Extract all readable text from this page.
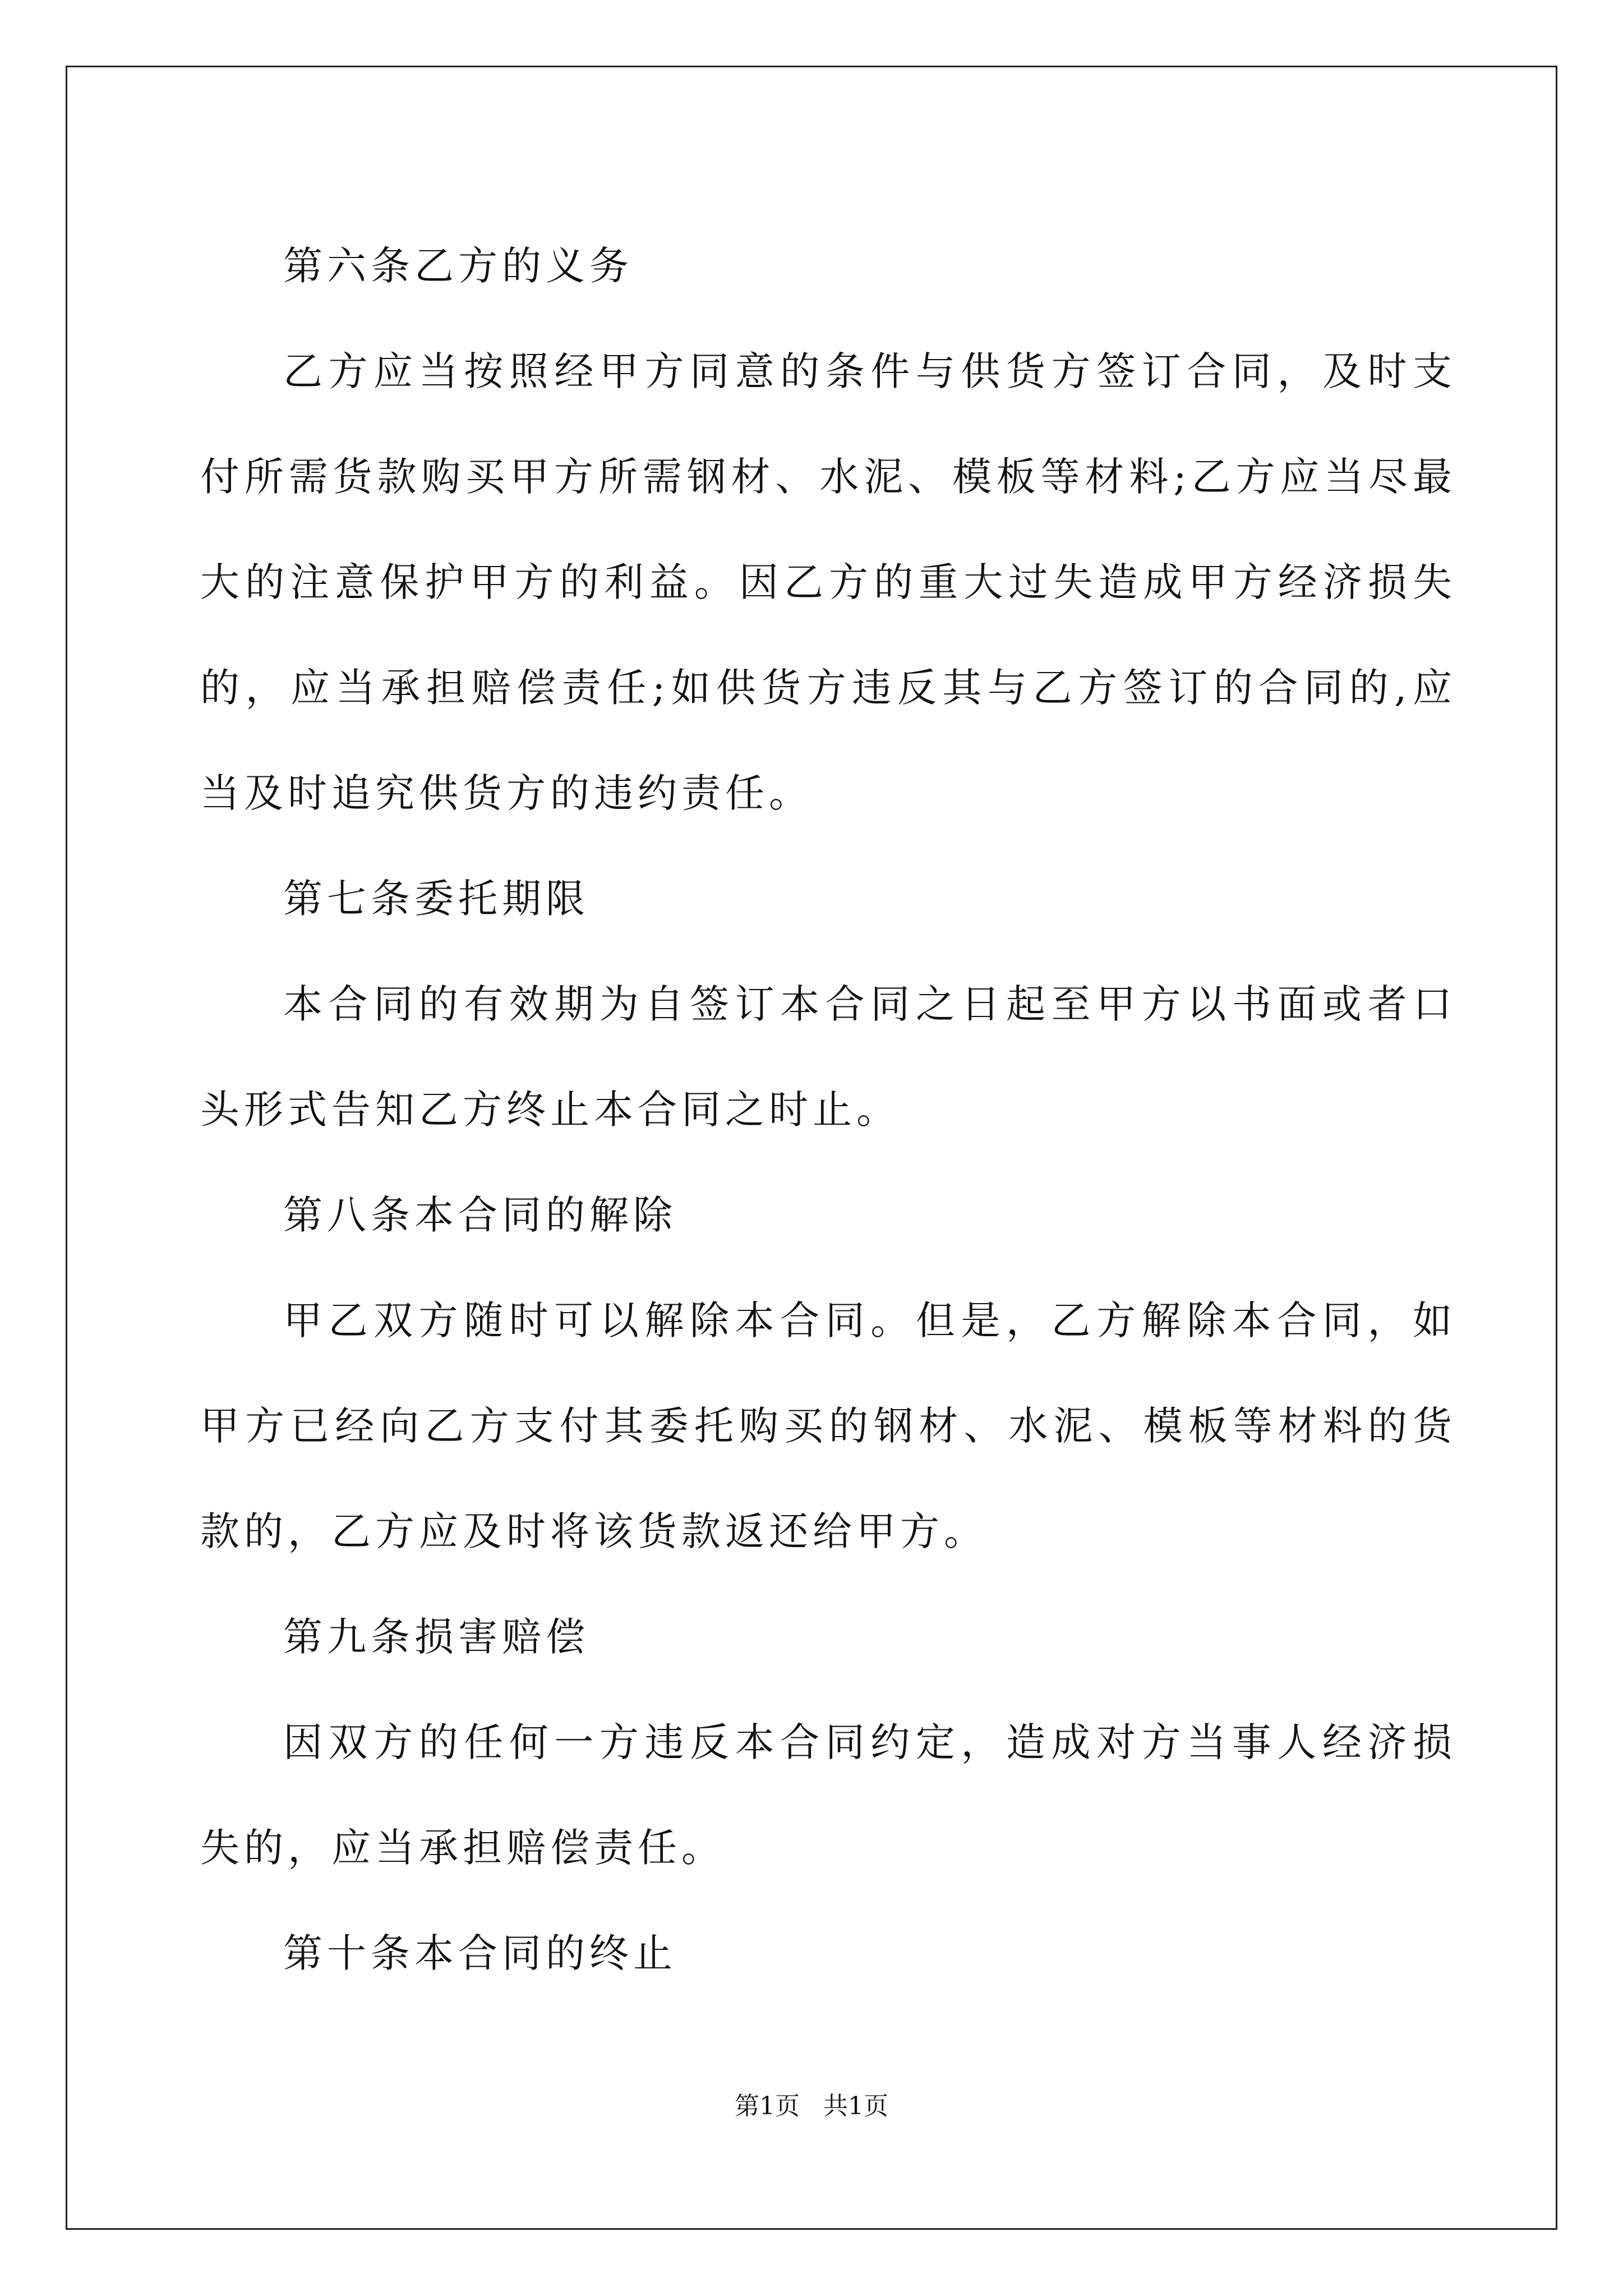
第六条乙方的义务

乙方应当按照经甲方同意的条件与供货方签订合同，及时支付所需货款购买甲方所需钢材、水泥、模板等材料;乙方应当尽最大的注意保护甲方的利益。因乙方的重大过失造成甲方经济损失的，应当承担赔偿责任;如供货方违反其与乙方签订的合同的,应当及时追究供货方的违约责任。

第七条委托期限

本合同的有效期为自签订本合同之日起至甲方以书面或者口头形式告知乙方终止本合同之时止。

第八条本合同的解除

甲乙双方随时可以解除本合同。但是，乙方解除本合同，如甲方已经向乙方支付其委托购买的钢材、水泥、模板等材料的货款的，乙方应及时将该货款返还给甲方。

第九条损害赔偿

因双方的任何一方违反本合同约定，造成对方当事人经济损失的，应当承担赔偿责任。

第十条本合同的终止

第1页 共1页
